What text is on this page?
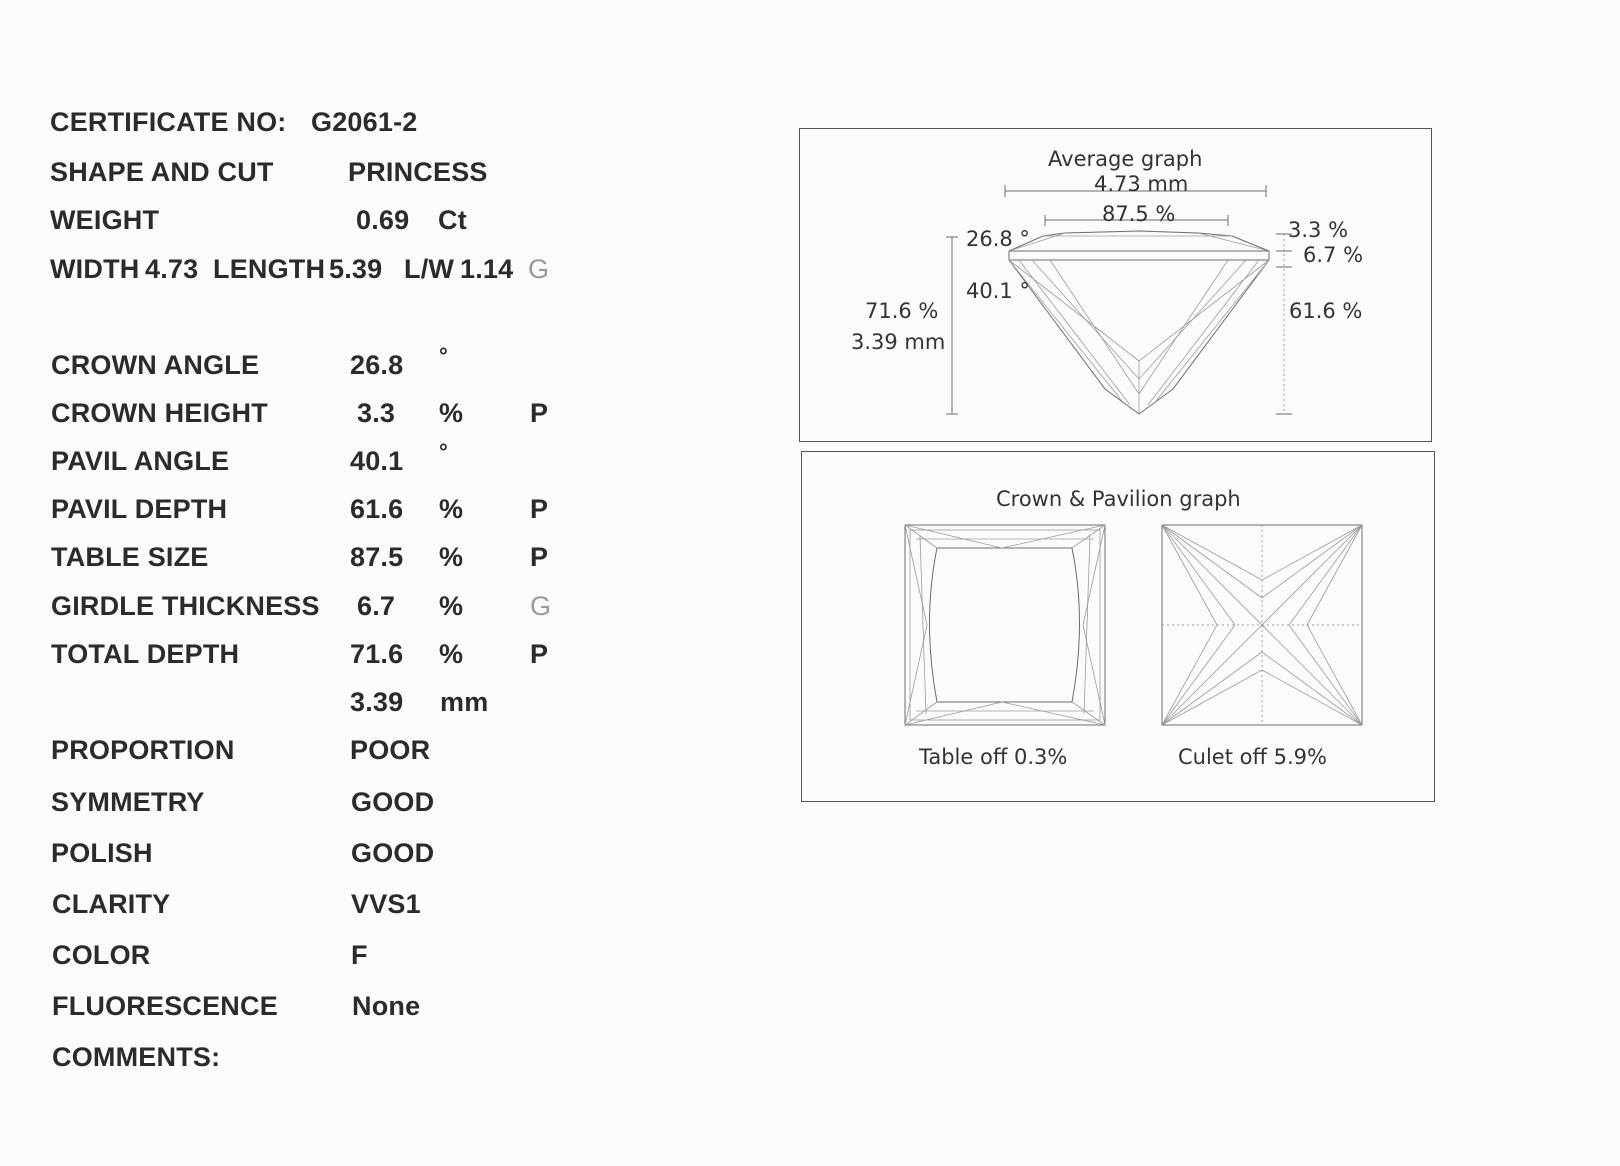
CERTIFICATE NO: G2061-2
SHAPE AND CUT	PRINCESS
WEIGHT	0.69 Ct
WIDTH 4.73 LENGTH 5.39 L/W 1.14 G
CROWN ANGLE	26.8 °
CROWN HEIGHT	3.3 % P
PAVIL ANGLE	40.1 °
PAVIL DEPTH	61.6 % P
TABLE SIZE	87.5 % P
GIRDLE THICKNESS 6.7 % G
TOTAL DEPTH	71.6 % P
3.39 mm
PROPORTION	POOR
SYMMETRY	GOOD
POLISH	GOOD
CLARITY	VVS1
COLOR	F
FLUORESCENCE	None
COMMENTS:
Average graph
4.73 mm
87.5 %
26.8 °
40.1 °
71.6 %
3.39 mm
3.3 %
6.7 %
61.6 %
Crown & Pavilion graph
Table off 0.3%	Culet off 5.9%
